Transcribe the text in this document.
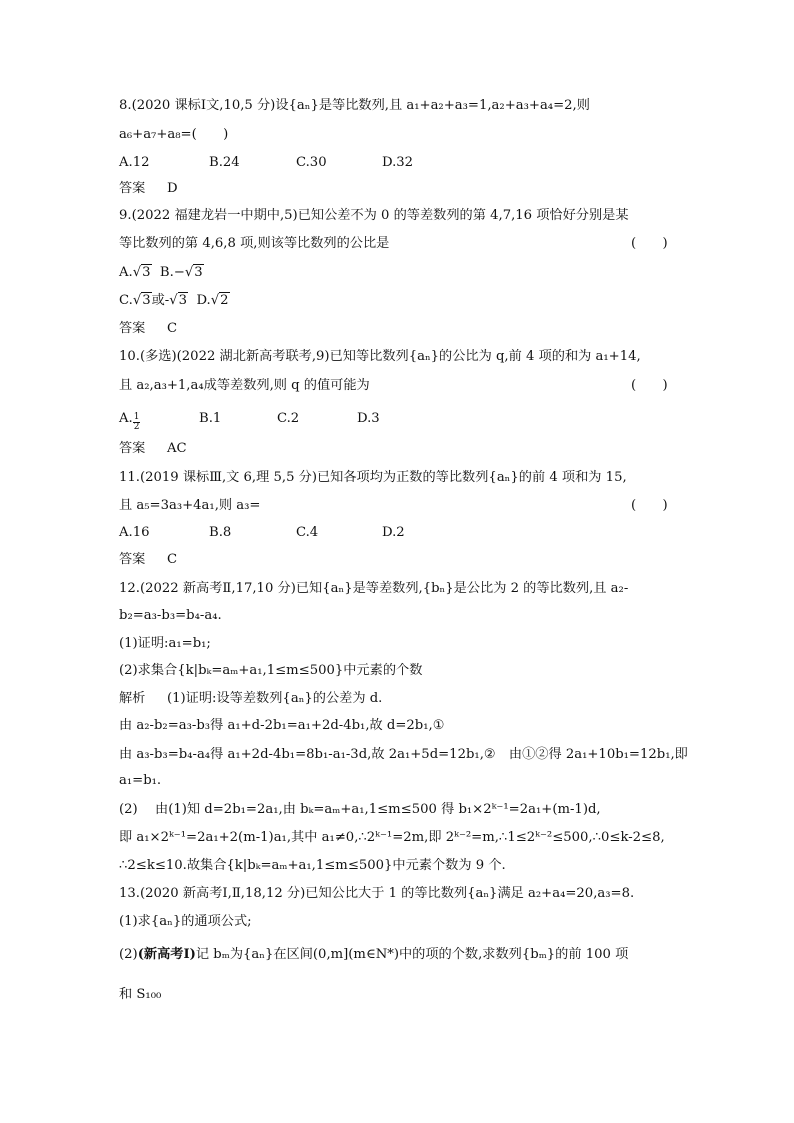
8.(2020 课标Ⅰ文,10,5 分)设{aₙ}是等比数列,且 a₁+a₂+a₃=1,a₂+a₃+a₄=2,则
a₆+a₇+a₈=(　　)
A.12	B.24	C.30	D.32
答案 D
9.(2022 福建龙岩一中期中,5)已知公差不为 0 的等差数列的第 4,7,16 项恰好分别是某
等比数列的第 4,6,8 项,则该等比数列的公比是	(　　)
A.√3 B.−√3
C.√3或-√3 D.√2
答案 C
10.(多选)(2022 湖北新高考联考,9)已知等比数列{aₙ}的公比为 q,前 4 项的和为 a₁+14,
且 a₂,a₃+1,a₄成等差数列,则 q 的值可能为	(　　)
A. $\frac{1}{2}$	B.1	C.2	D.3
答案 AC
11.(2019 课标Ⅲ,文 6,理 5,5 分)已知各项均为正数的等比数列{aₙ}的前 4 项和为 15,
且 a₅=3a₃+4a₁,则 a₃=	(　　)
A.16	B.8	C.4	D.2
答案 C
12.(2022 新高考Ⅱ,17,10 分)已知{aₙ}是等差数列,{bₙ}是公比为 2 的等比数列,且 a₂-
b₂=a₃-b₃=b₄-a₄.
(1)证明:a₁=b₁;
(2)求集合{k|bₖ=aₘ+a₁,1≤m≤500}中元素的个数
解析 (1)证明:设等差数列{aₙ}的公差为 d.
由 a₂-b₂=a₃-b₃得 a₁+d-2b₁=a₁+2d-4b₁,故 d=2b₁,①
由 a₃-b₃=b₄-a₄得 a₁+2d-4b₁=8b₁-a₁-3d,故 2a₁+5d=12b₁,②　由①②得 2a₁+10b₁=12b₁,即
a₁=b₁.
(2)　 由(1)知 d=2b₁=2a₁,由 bₖ=aₘ+a₁,1≤m≤500 得 b₁×2ᵏ⁻¹=2a₁+(m-1)d,
即 a₁×2ᵏ⁻¹=2a₁+2(m-1)a₁,其中 a₁≠0,∴2ᵏ⁻¹=2m,即 2ᵏ⁻²=m,∴1≤2ᵏ⁻²≤500,∴0≤k-2≤8,
∴2≤k≤10.故集合{k|bₖ=aₘ+a₁,1≤m≤500}中元素个数为 9 个.
13.(2020 新高考Ⅰ,Ⅱ,18,12 分)已知公比大于 1 的等比数列{aₙ}满足 a₂+a₄=20,a₃=8.
(1)求{aₙ}的通项公式;
(2)(新高考Ⅰ)记 bₘ为{aₙ}在区间(0,m](m∈N*)中的项的个数,求数列{bₘ}的前 100 项
和 S₁₀₀
